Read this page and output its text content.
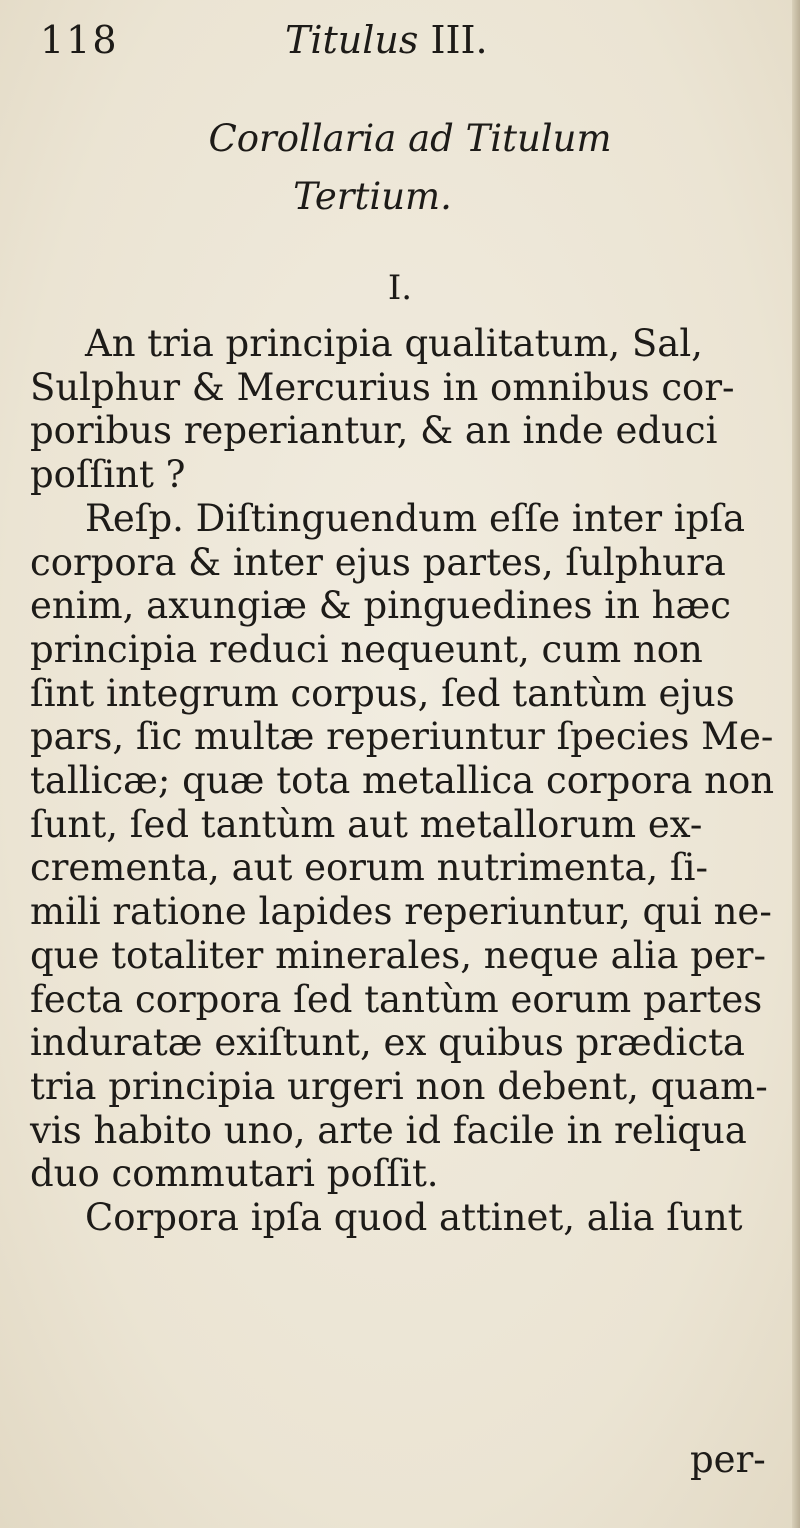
118	Titulus III.
Corollaria ad Titulum
Tertium.
I.
An tria principia qualitatum, Sal,
Sulphur & Mercurius in omnibus cor-
poribus reperiantur, & an inde educi
poſſint ?
Reſp. Diſtinguendum eſſe inter ipſa
corpora & inter ejus partes, ſulphura
enim, axungiæ & pinguedines in hæc
principia reduci nequeunt, cum non
ſint integrum corpus, ſed tantùm ejus
pars, ſic multæ reperiuntur ſpecies Me-
tallicæ; quæ tota metallica corpora non
ſunt, ſed tantùm aut metallorum ex-
crementa, aut eorum nutrimenta, ſi-
mili ratione lapides reperiuntur, qui ne-
que totaliter minerales, neque alia per-
fecta corpora ſed tantùm eorum partes
induratæ exiſtunt, ex quibus prædicta
tria principia urgeri non debent, quam-
vis habito uno, arte id facile in reliqua
duo commutari poſſit.
Corpora ipſa quod attinet, alia ſunt
per-
